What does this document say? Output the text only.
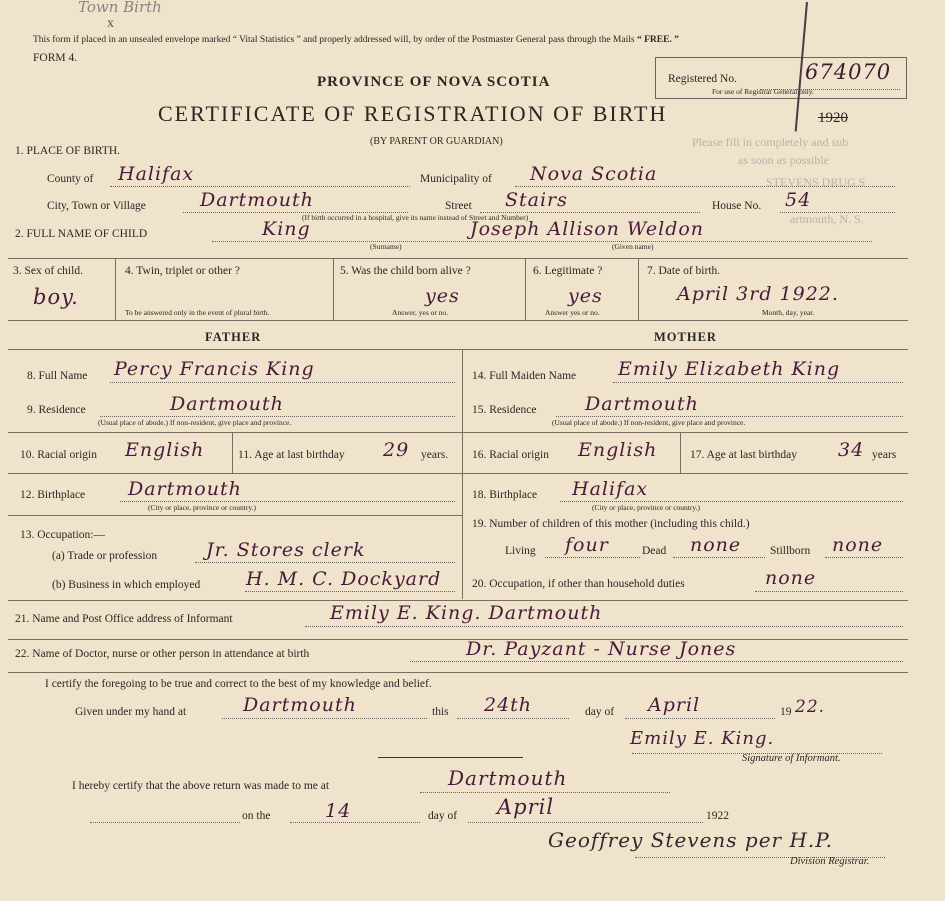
Town Birth
x
This form if placed in an unsealed envelope marked “ Vital Statistics ” and properly addressed will, by order of the Postmaster General pass through the Mails “ FREE. ”
FORM 4.
PROVINCE OF NOVA SCOTIA
CERTIFICATE OF REGISTRATION OF BIRTH
(BY PARENT OR GUARDIAN)
Registered No.	674070
For use of Registrar General only.
1920
Please fill in completely and sub
as soon as possible
STEVENS DRUG S
artmouth, N. S.
1. PLACE OF BIRTH.
County of Halifax	Municipality of Nova Scotia
City, Town or Village	Dartmouth	Street Stairs	House No. 54
(If birth occurred in a hospital, give its name instead of Street and Number)
2. FULL NAME OF CHILD	King
(Surname)
Joseph Allison Weldon
(Given name)
3. Sex of child.
boy.
4. Twin, triplet or other ?
To be answered only in the event of plural birth.
5. Was the child born alive ?
yes
Answer, yes or no.
6. Legitimate ?
yes
Answer yes or no.
7. Date of birth.
April 3rd 1922.
Month, day, year.
FATHER	MOTHER
8. Full Name Percy Francis King
9. Residence	Dartmouth
(Usual place of abode.) If non-resident, give place and province.
10. Racial origin English	11. Age at last birthday 29 years.
12. Birthplace Dartmouth
(City or place, province or country.)
13. Occupation:—
(a) Trade or profession	Jr. Stores clerk
(b) Business in which employed H. M. C. Dockyard
14. Full Maiden Name Emily Elizabeth King
15. Residence	Dartmouth
(Usual place of abode.) If non-resident, give place and province.
16. Racial origin English	17. Age at last birthday 34 years
18. Birthplace Halifax
(City or place, province or country.)
19. Number of children of this mother (including this child.)
Living four	Dead none	Stillborn none
20. Occupation, if other than household duties	none
21. Name and Post Office address of Informant	Emily E. King. Dartmouth
22. Name of Doctor, nurse or other person in attendance at birth	Dr. Payzant - Nurse Jones
I certify the foregoing to be true and correct to the best of my knowledge and belief.
Given under my hand at	Dartmouth	this 24th	day of April	19 22.
Emily E. King.
Signature of Informant.
I hereby certify that the above return was made to me at	Dartmouth
on the	14	day of April	1922
Geoffrey Stevens per H.P.
Division Registrar.
